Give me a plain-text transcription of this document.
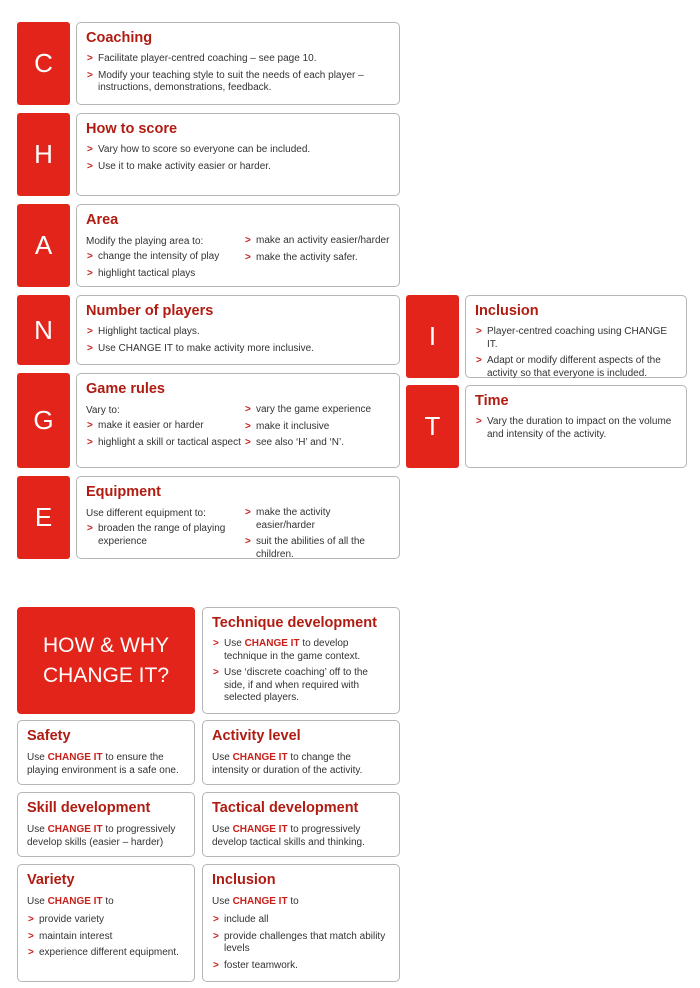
C
H
A
N
G
E
Coaching
> Facilitate player-centred coaching – see page 10.
> Modify your teaching style to suit the needs of each player – instructions, demonstrations, feedback.
How to score
> Vary how to score so everyone can be included.
> Use it to make activity easier or harder.
Area

Modify the playing area to:

> change the intensity of play
> highlight tactical plays
> make an activity easier/harder
> make the activity safer.
Number of players
> Highlight tactical plays.
> Use CHANGE IT to make activity more inclusive.
Game rules

Vary to:

> make it easier or harder
> highlight a skill or tactical aspect
> vary the game experience
> make it inclusive
> see also ‘H’ and ‘N’.
Equipment

Use different equipment to:

> broaden the range of playing experience
> make the activity easier/harder
> suit the abilities of all the children.
I
T
Inclusion
> Player-centred coaching using CHANGE IT.
> Adapt or modify different aspects of the activity so that everyone is included.
Time
> Vary the duration to impact on the volume and intensity of the activity.
HOW & WHY
CHANGE IT?
Technique development
> Use CHANGE IT to develop technique in the game context.
> Use ‘discrete coaching’ off to the side, if and when required with selected players.
Safety

Use CHANGE IT to ensure the playing environment is a safe one.

Activity level

Use CHANGE IT to change the intensity or duration of the activity.

Skill development

Use CHANGE IT to progressively develop skills (easier – harder)

Tactical development

Use CHANGE IT to progressively develop tactical skills and thinking.

Variety

Use CHANGE IT to

> provide variety
> maintain interest
> experience different equipment.
Inclusion

Use CHANGE IT to

> include all
> provide challenges that match ability levels
> foster teamwork.
